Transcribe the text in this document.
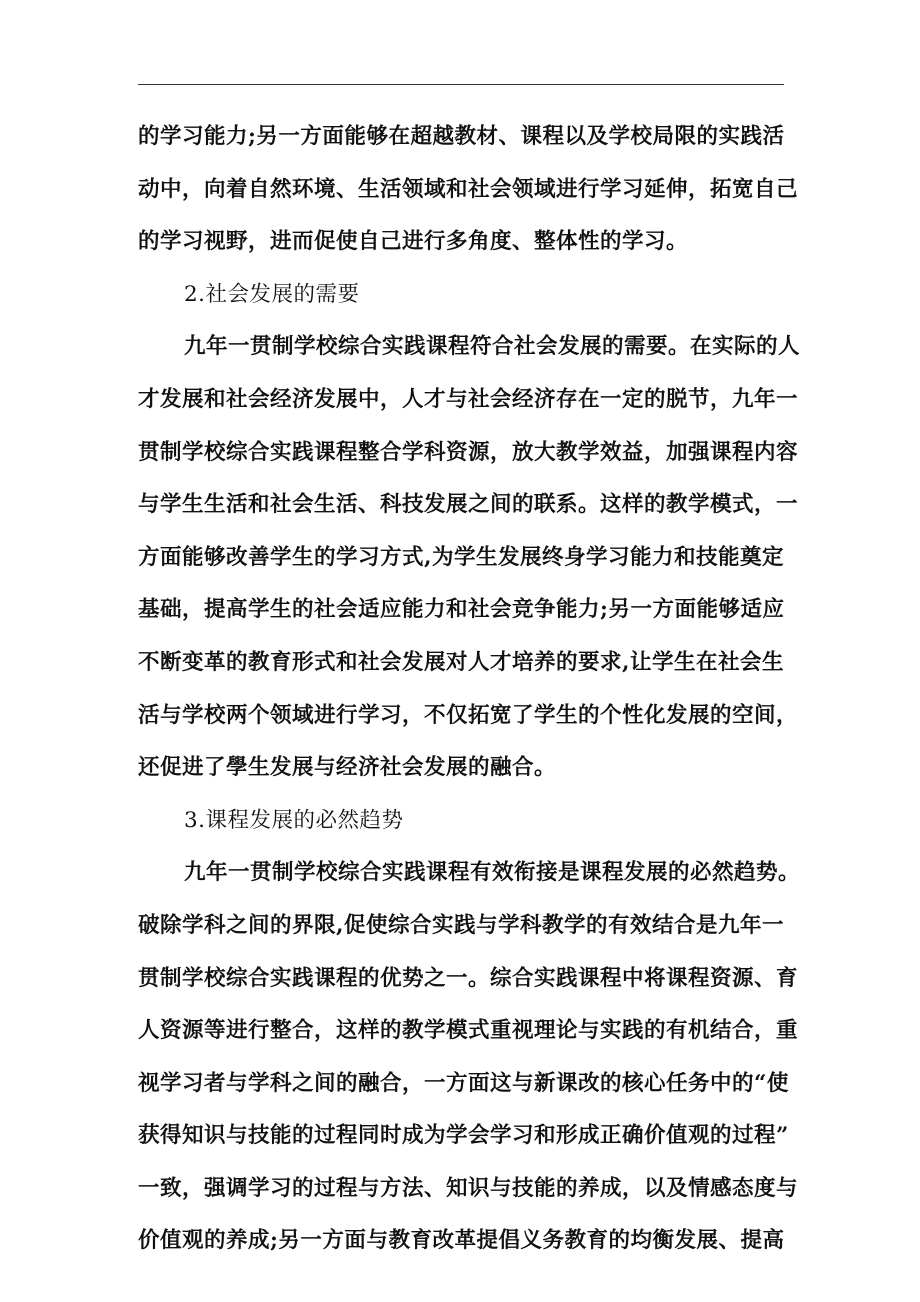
的学习能力;另一方面能够在超越教材、课程以及学校局限的实践活
动中，向着自然环境、生活领域和社会领域进行学习延伸，拓宽自己
的学习视野，进而促使自己进行多角度、整体性的学习。
2.社会发展的需要
九年一贯制学校综合实践课程符合社会发展的需要。在实际的人
才发展和社会经济发展中，人才与社会经济存在一定的脱节，九年一
贯制学校综合实践课程整合学科资源，放大教学效益，加强课程内容
与学生生活和社会生活、科技发展之间的联系。这样的教学模式，一
方面能够改善学生的学习方式,为学生发展终身学习能力和技能奠定
基础，提高学生的社会适应能力和社会竞争能力;另一方面能够适应
不断变革的教育形式和社会发展对人才培养的要求,让学生在社会生
活与学校两个领域进行学习，不仅拓宽了学生的个性化发展的空间，
还促进了學生发展与经济社会发展的融合。
3.课程发展的必然趋势
九年一贯制学校综合实践课程有效衔接是课程发展的必然趋势。
破除学科之间的界限,促使综合实践与学科教学的有效结合是九年一
贯制学校综合实践课程的优势之一。综合实践课程中将课程资源、育
人资源等进行整合，这样的教学模式重视理论与实践的有机结合，重
视学习者与学科之间的融合，一方面这与新课改的核心任务中的“使
获得知识与技能的过程同时成为学会学习和形成正确价值观的过程”
一致，强调学习的过程与方法、知识与技能的养成，以及情感态度与
价值观的养成;另一方面与教育改革提倡义务教育的均衡发展、提高
